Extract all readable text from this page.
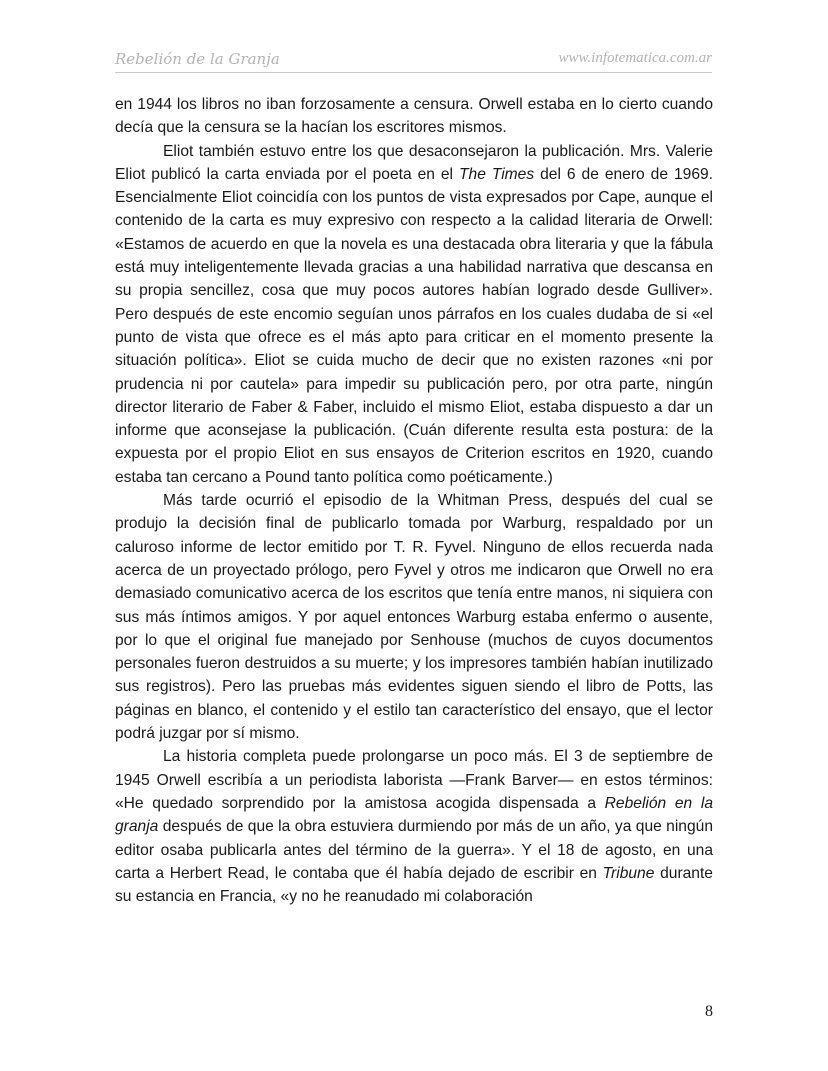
Rebelión de la Granja	www.infotematica.com.ar

en 1944 los libros no iban forzosamente a censura. Orwell estaba en lo cierto cuando decía que la censura se la hacían los escritores mismos.

Eliot también estuvo entre los que desaconsejaron la publicación. Mrs. Valerie Eliot publicó la carta enviada por el poeta en el The Times del 6 de enero de 1969. Esencialmente Eliot coincidía con los puntos de vista expresados por Cape, aunque el contenido de la carta es muy expresivo con respecto a la calidad literaria de Orwell: «Estamos de acuerdo en que la novela es una destacada obra literaria y que la fábula está muy inteligentemente llevada gracias a una habilidad narrativa que descansa en su propia sencillez, cosa que muy pocos autores habían logrado desde Gulliver». Pero después de este encomio seguían unos párrafos en los cuales dudaba de si «el punto de vista que ofrece es el más apto para criticar en el momento presente la situación política». Eliot se cuida mucho de decir que no existen razones «ni por prudencia ni por cautela» para impedir su publicación pero, por otra parte, ningún director literario de Faber & Faber, incluido el mismo Eliot, estaba dispuesto a dar un informe que aconsejase la publicación. (Cuán diferente resulta esta postura: de la expuesta por el propio Eliot en sus ensayos de Criterion escritos en 1920, cuando estaba tan cercano a Pound tanto política como poéticamente.)

Más tarde ocurrió el episodio de la Whitman Press, después del cual se produjo la decisión final de publicarlo tomada por Warburg, respaldado por un caluroso informe de lector emitido por T. R. Fyvel. Ninguno de ellos recuerda nada acerca de un proyectado prólogo, pero Fyvel y otros me indicaron que Orwell no era demasiado comunicativo acerca de los escritos que tenía entre manos, ni siquiera con sus más íntimos amigos. Y por aquel entonces Warburg estaba enfermo o ausente, por lo que el original fue manejado por Senhouse (muchos de cuyos documentos personales fueron destruidos a su muerte; y los impresores también habían inutilizado sus registros). Pero las pruebas más evidentes siguen siendo el libro de Potts, las páginas en blanco, el contenido y el estilo tan característico del ensayo, que el lector podrá juzgar por sí mismo.

La historia completa puede prolongarse un poco más. El 3 de septiembre de 1945 Orwell escribía a un periodista laborista —Frank Barver— en estos términos: «He quedado sorprendido por la amistosa acogida dispensada a Rebelión en la granja después de que la obra estuviera durmiendo por más de un año, ya que ningún editor osaba publicarla antes del término de la guerra». Y el 18 de agosto, en una carta a Herbert Read, le contaba que él había dejado de escribir en Tribune durante su estancia en Francia, «y no he reanudado mi colaboración

8
